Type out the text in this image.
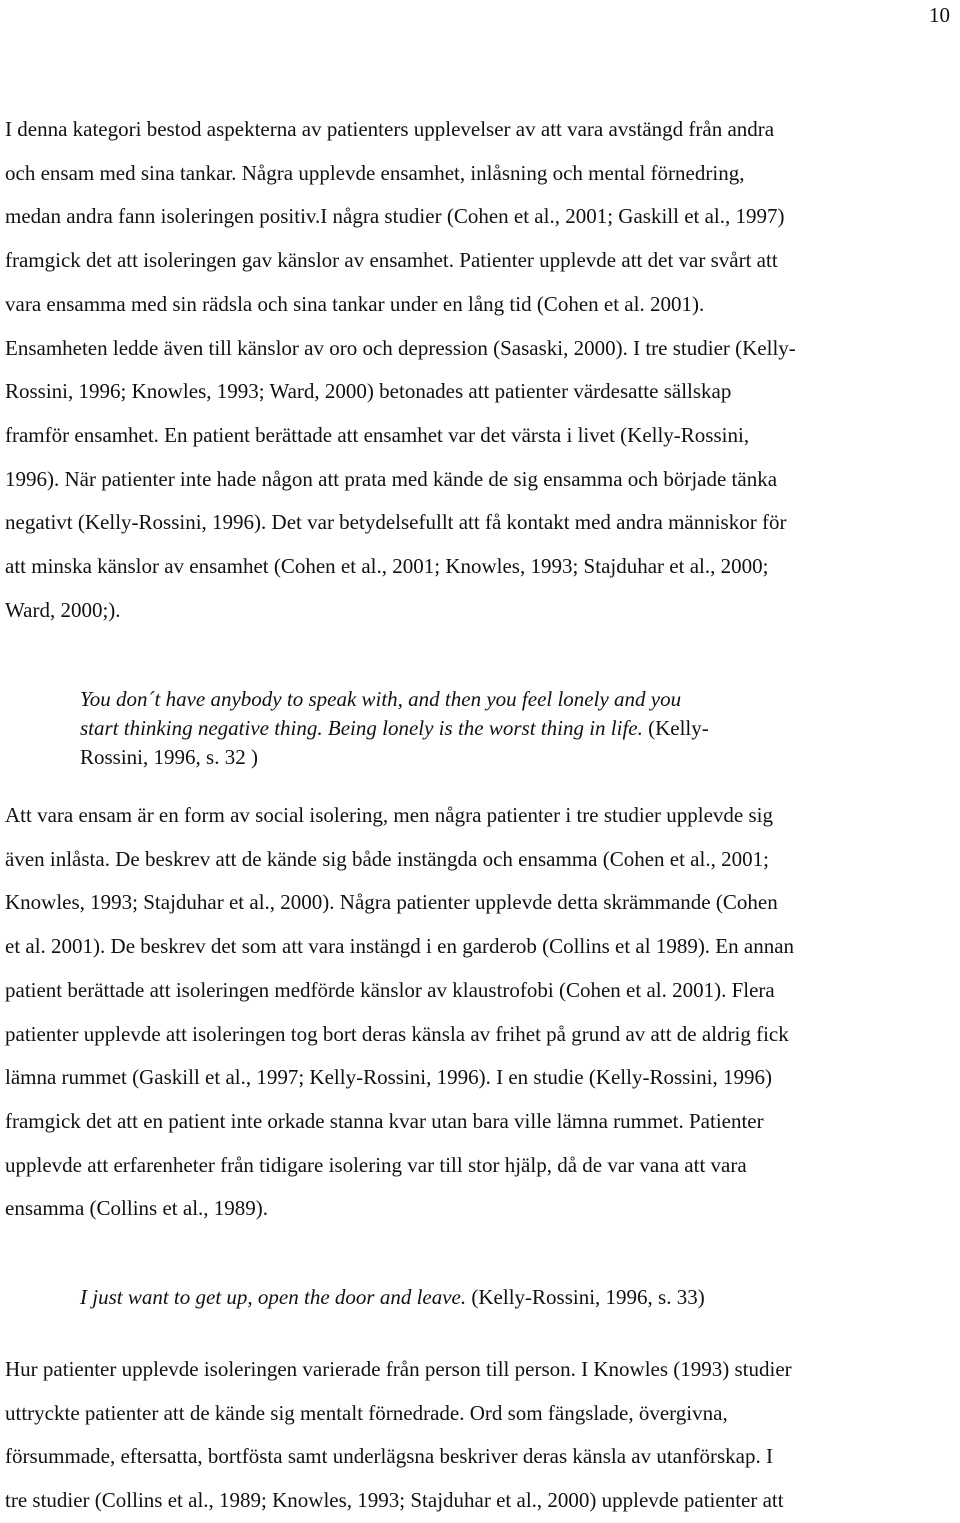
10

I denna kategori bestod aspekterna av patienters upplevelser av att vara avstängd från andra
och ensam med sina tankar. Några upplevde ensamhet, inlåsning och mental förnedring,
medan andra fann isoleringen positiv.I några studier (Cohen et al., 2001; Gaskill et al., 1997)
framgick det att isoleringen gav känslor av ensamhet. Patienter upplevde att det var svårt att
vara ensamma med sin rädsla och sina tankar under en lång tid (Cohen et al. 2001).
Ensamheten ledde även till känslor av oro och depression (Sasaski, 2000). I tre studier (Kelly-
Rossini, 1996; Knowles, 1993; Ward, 2000) betonades att patienter värdesatte sällskap
framför ensamhet. En patient berättade att ensamhet var det värsta i livet (Kelly-Rossini,
1996). När patienter inte hade någon att prata med kände de sig ensamma och började tänka
negativt (Kelly-Rossini, 1996). Det var betydelsefullt att få kontakt med andra människor för
att minska känslor av ensamhet (Cohen et al., 2001; Knowles, 1993; Stajduhar et al., 2000;
Ward, 2000;).

You don´t have anybody to speak with, and then you feel lonely and you
start thinking negative thing. Being lonely is the worst thing in life. (Kelly-
Rossini, 1996, s. 32 )

Att vara ensam är en form av social isolering, men några patienter i tre studier upplevde sig
även inlåsta. De beskrev att de kände sig både instängda och ensamma (Cohen et al., 2001;
Knowles, 1993; Stajduhar et al., 2000). Några patienter upplevde detta skrämmande (Cohen
et al. 2001). De beskrev det som att vara instängd i en garderob (Collins et al 1989). En annan
patient berättade att isoleringen medförde känslor av klaustrofobi (Cohen et al. 2001). Flera
patienter upplevde att isoleringen tog bort deras känsla av frihet på grund av att de aldrig fick
lämna rummet (Gaskill et al., 1997; Kelly-Rossini, 1996). I en studie (Kelly-Rossini, 1996)
framgick det att en patient inte orkade stanna kvar utan bara ville lämna rummet. Patienter
upplevde att erfarenheter från tidigare isolering var till stor hjälp, då de var vana att vara
ensamma (Collins et al., 1989).

I just want to get up, open the door and leave. (Kelly-Rossini, 1996, s. 33)

Hur patienter upplevde isoleringen varierade från person till person. I Knowles (1993) studier
uttryckte patienter att de kände sig mentalt förnedrade. Ord som fängslade, övergivna,
försummade, eftersatta, bortfösta samt underlägsna beskriver deras känsla av utanförskap. I
tre studier (Collins et al., 1989; Knowles, 1993; Stajduhar et al., 2000) upplevde patienter att
